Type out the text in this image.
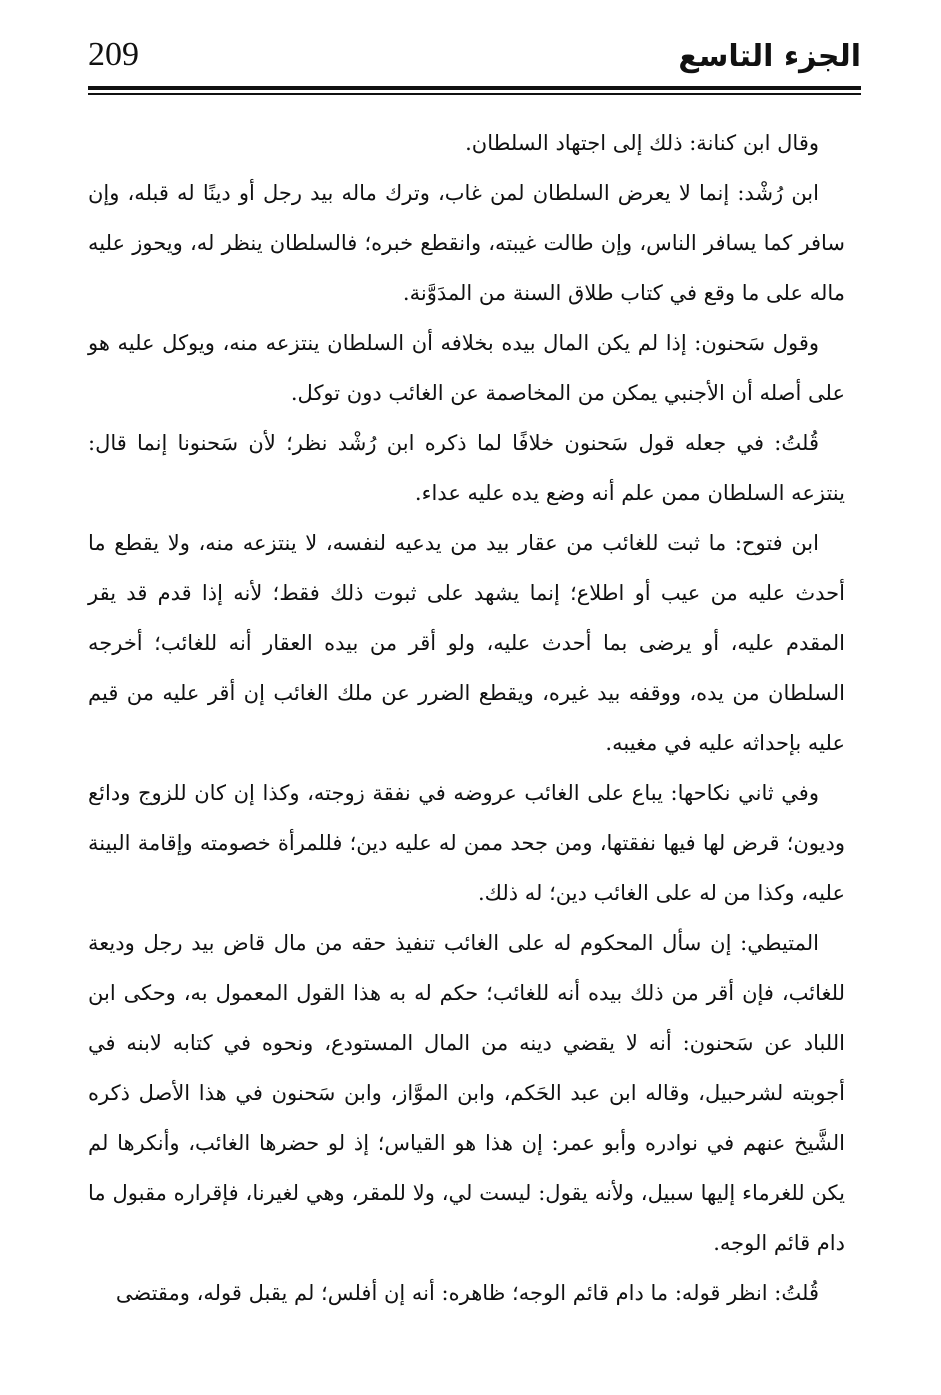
209	الجزء التاسع

وقال ابن كنانة: ذلك إلى اجتهاد السلطان.

ابن رُشْد: إنما لا يعرض السلطان لمن غاب، وترك ماله بيد رجل أو دينًا له قبله، وإن سافر كما يسافر الناس، وإن طالت غيبته، وانقطع خبره؛ فالسلطان ينظر له، ويحوز عليه ماله على ما وقع في كتاب طلاق السنة من المدَوَّنة.

وقول سَحنون: إذا لم يكن المال بيده بخلافه أن السلطان ينتزعه منه، ويوكل عليه هو على أصله أن الأجنبي يمكن من المخاصمة عن الغائب دون توكل.

قُلتُ: في جعله قول سَحنون خلافًا لما ذكره ابن رُشْد نظر؛ لأن سَحنونا إنما قال: ينتزعه السلطان ممن علم أنه وضع يده عليه عداء.

ابن فتوح: ما ثبت للغائب من عقار بيد من يدعيه لنفسه، لا ينتزعه منه، ولا يقطع ما أحدث عليه من عيب أو اطلاع؛ إنما يشهد على ثبوت ذلك فقط؛ لأنه إذا قدم قد يقر المقدم عليه، أو يرضى بما أحدث عليه، ولو أقر من بيده العقار أنه للغائب؛ أخرجه السلطان من يده، ووقفه بيد غيره، ويقطع الضرر عن ملك الغائب إن أقر عليه من قيم عليه بإحداثه عليه في مغيبه.

وفي ثاني نكاحها: يباع على الغائب عروضه في نفقة زوجته، وكذا إن كان للزوج ودائع وديون؛ قرض لها فيها نفقتها، ومن جحد ممن له عليه دين؛ فللمرأة خصومته وإقامة البينة عليه، وكذا من له على الغائب دين؛ له ذلك.

المتيطي: إن سأل المحكوم له على الغائب تنفيذ حقه من مال قاض بيد رجل وديعة للغائب، فإن أقر من ذلك بيده أنه للغائب؛ حكم له به هذا القول المعمول به، وحكى ابن اللباد عن سَحنون: أنه لا يقضي دينه من المال المستودع، ونحوه في كتابه لابنه في أجوبته لشرحبيل، وقاله ابن عبد الحَكم، وابن الموَّاز، وابن سَحنون في هذا الأصل ذكره الشَّيخ عنهم في نوادره وأبو عمر: إن هذا هو القياس؛ إذ لو حضرها الغائب، وأنكرها لم يكن للغرماء إليها سبيل، ولأنه يقول: ليست لي، ولا للمقر، وهي لغيرنا، فإقراره مقبول ما دام قائم الوجه.

قُلتُ: انظر قوله: ما دام قائم الوجه؛ ظاهره: أنه إن أفلس؛ لم يقبل قوله، ومقتضى
